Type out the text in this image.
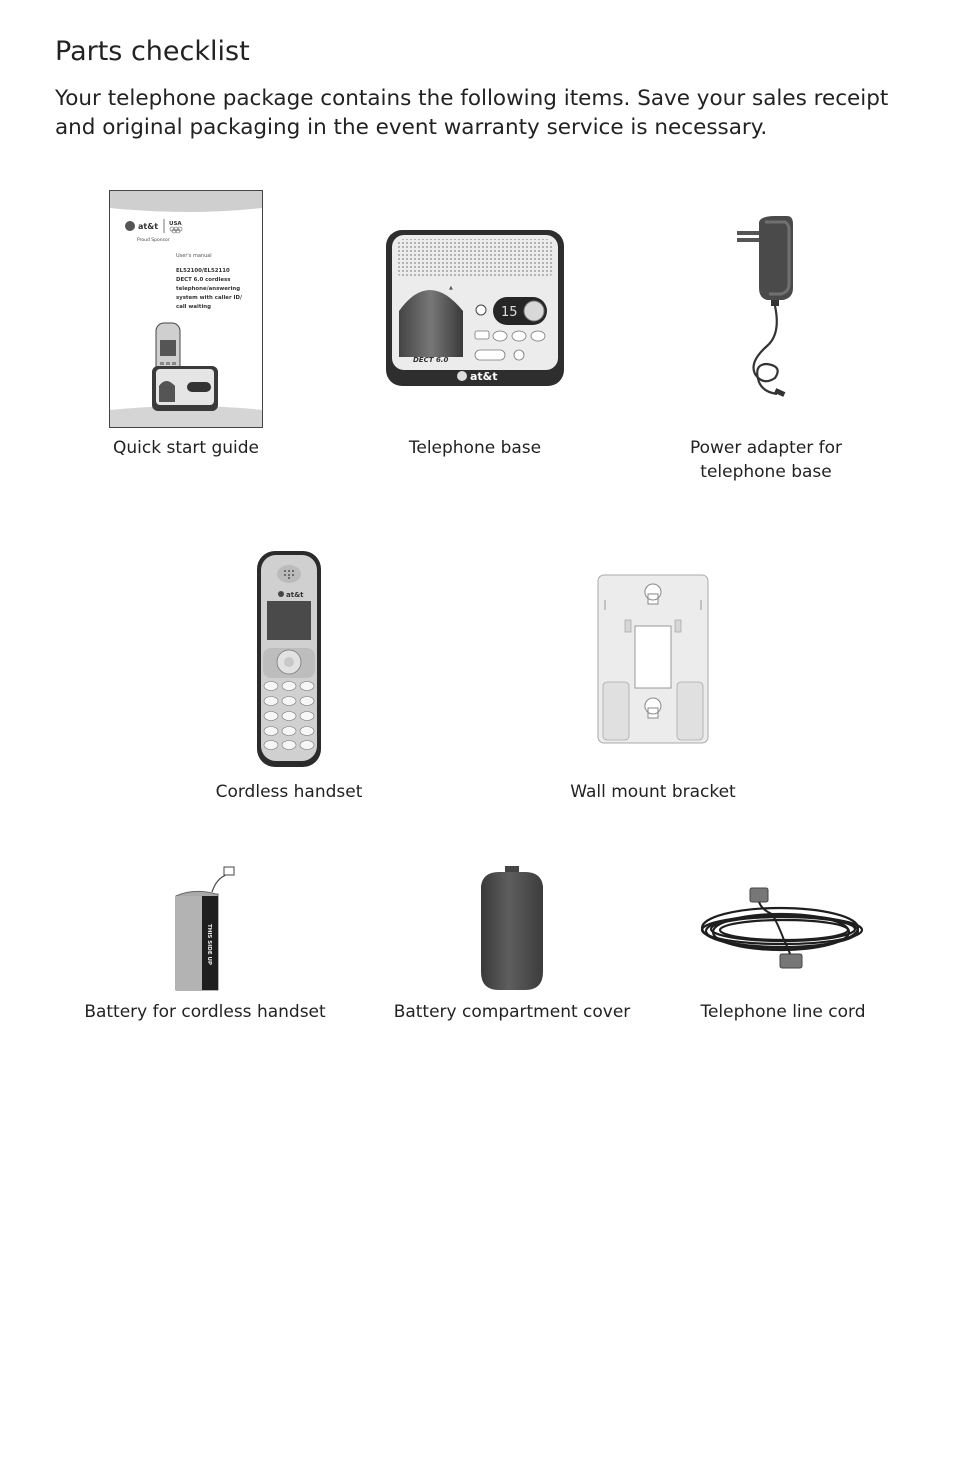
Parts checklist

Your telephone package contains the following items. Save your sales receipt and original packaging in the event warranty service is necessary.

at&t USA
Proud Sponsor
User's manual
EL52100/EL52110
DECT 6.0 cordless
telephone/answering
system with caller ID/
call waiting
Quick start guide
▲
15
DECT 6.0
at&t
Telephone base	Power adapter for telephone base
at&t
Cordless handset	Wall mount bracket
THIS SIDE UP
Battery for cordless handset	Battery compartment cover	Telephone line cord
